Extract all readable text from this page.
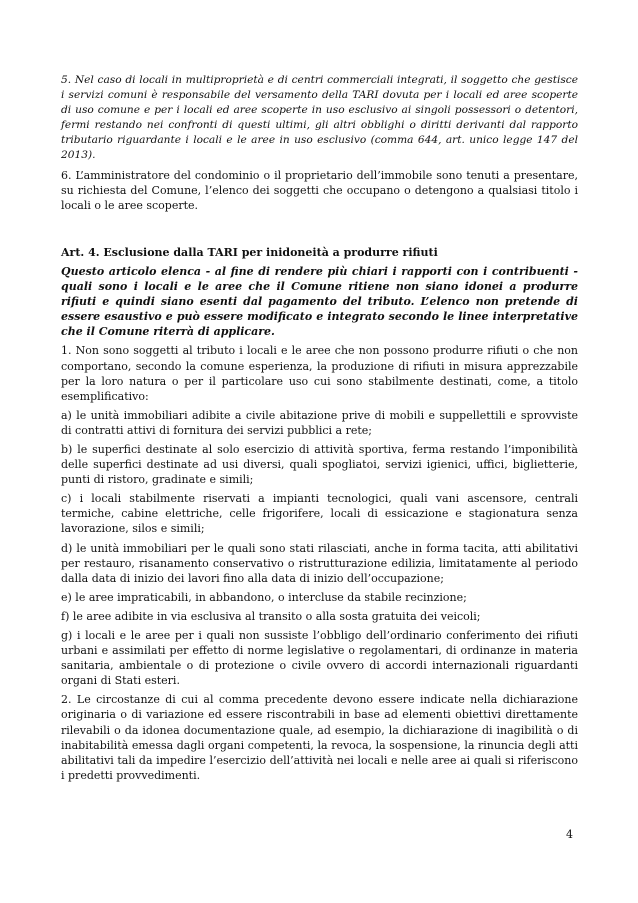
5. Nel caso di locali in multiproprietà e di centri commerciali integrati, il soggetto che gestisce i servizi comuni è responsabile del versamento della TARI dovuta per i locali ed aree scoperte di uso comune e per i locali ed aree scoperte in uso esclusivo ai singoli possessori o detentori, fermi restando nei confronti di questi ultimi, gli altri obblighi o diritti derivanti dal rapporto tributario riguardante i locali e le aree in uso esclusivo (comma 644, art. unico legge 147 del 2013).

6. L’amministratore del condominio o il proprietario dell’immobile sono tenuti a presentare, su richiesta del Comune, l’elenco dei soggetti che occupano o detengono a qualsiasi titolo i locali o le aree scoperte.

Art. 4. Esclusione dalla TARI per inidoneità a produrre rifiuti

Questo articolo elenca - al fine di rendere più chiari i rapporti con i contribuenti - quali sono i locali e le aree che il Comune ritiene non siano idonei a produrre rifiuti e quindi siano esenti dal pagamento del tributo. L’elenco non pretende di essere esaustivo e può essere modificato e integrato secondo le linee interpretative che il Comune riterrà di applicare.

1. Non sono soggetti al tributo i locali e le aree che non possono produrre rifiuti o che non comportano, secondo la comune esperienza, la produzione di rifiuti in misura apprezzabile per la loro natura o per il particolare uso cui sono stabilmente destinati, come, a titolo esemplificativo:

a) le unità immobiliari adibite a civile abitazione prive di mobili e suppellettili e sprovviste di contratti attivi di fornitura dei servizi pubblici a rete;

b) le superfici destinate al solo esercizio di attività sportiva, ferma restando l’imponibilità delle superfici destinate ad usi diversi, quali spogliatoi, servizi igienici, uffici, biglietterie, punti di ristoro, gradinate e simili;

c) i locali stabilmente riservati a impianti tecnologici, quali vani ascensore, centrali termiche, cabine elettriche, celle frigorifere, locali di essicazione e stagionatura senza lavorazione, silos e simili;

d) le unità immobiliari per le quali sono stati rilasciati, anche in forma tacita, atti abilitativi per restauro, risanamento conservativo o ristrutturazione edilizia, limitatamente al periodo dalla data di inizio dei lavori fino alla data di inizio dell’occupazione;

e) le aree impraticabili, in abbandono, o intercluse da stabile recinzione;

f) le aree adibite in via esclusiva al transito o alla sosta gratuita dei veicoli;

g) i locali e le aree per i quali non sussiste l’obbligo dell’ordinario conferimento dei rifiuti urbani e assimilati per effetto di norme legislative o regolamentari, di ordinanze in materia sanitaria, ambientale o di protezione o civile ovvero di accordi internazionali riguardanti organi di Stati esteri.

2. Le circostanze di cui al comma precedente devono essere indicate nella dichiarazione originaria o di variazione ed essere riscontrabili in base ad elementi obiettivi direttamente rilevabili o da idonea documentazione quale, ad esempio, la dichiarazione di inagibilità o di inabitabilità emessa dagli organi competenti, la revoca, la sospensione, la rinuncia degli atti abilitativi tali da impedire l’esercizio dell’attività nei locali e nelle aree ai quali si riferiscono i predetti provvedimenti.

4
